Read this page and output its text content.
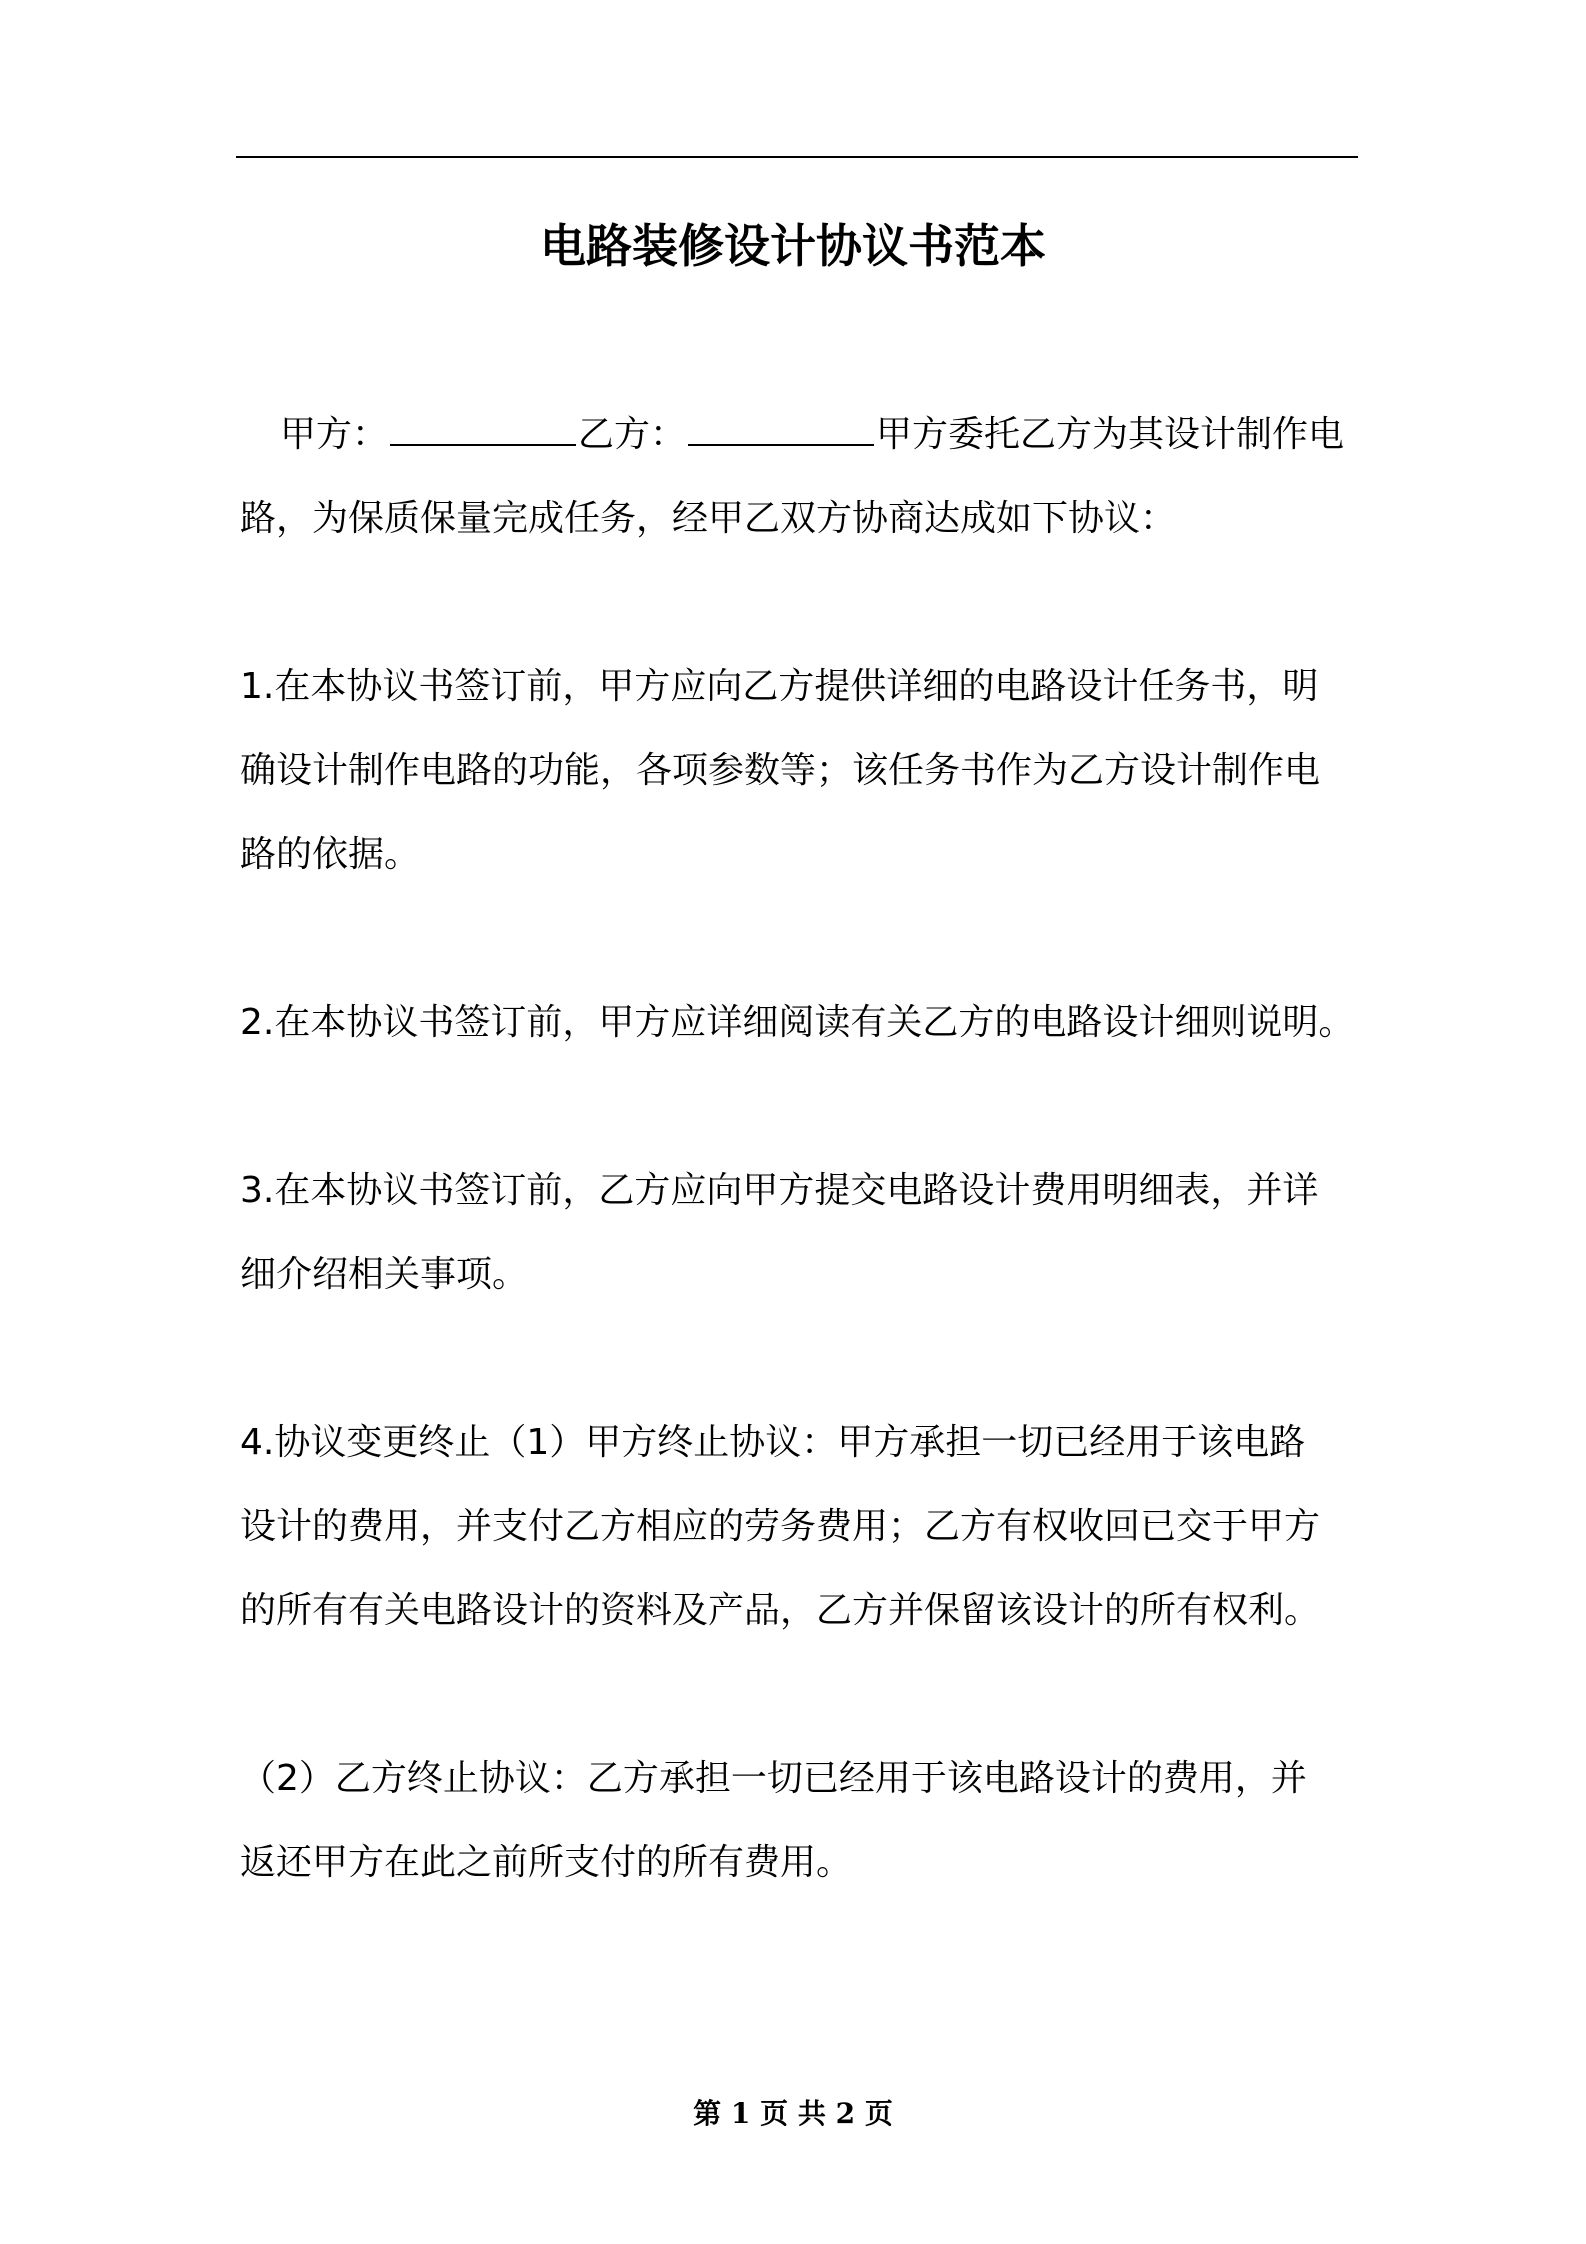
电路装修设计协议书范本
甲方：	乙方：	甲方委托乙方为其设计制作电
路，为保质保量完成任务，经甲乙双方协商达成如下协议：
1.在本协议书签订前，甲方应向乙方提供详细的电路设计任务书，明
确设计制作电路的功能，各项参数等；该任务书作为乙方设计制作电
路的依据。
2.在本协议书签订前，甲方应详细阅读有关乙方的电路设计细则说明。
3.在本协议书签订前，乙方应向甲方提交电路设计费用明细表，并详
细介绍相关事项。
4.协议变更终止（1）甲方终止协议：甲方承担一切已经用于该电路
设计的费用，并支付乙方相应的劳务费用；乙方有权收回已交于甲方
的所有有关电路设计的资料及产品，乙方并保留该设计的所有权利。
（2）乙方终止协议：乙方承担一切已经用于该电路设计的费用，并
返还甲方在此之前所支付的所有费用。
第 1 页 共 2 页
